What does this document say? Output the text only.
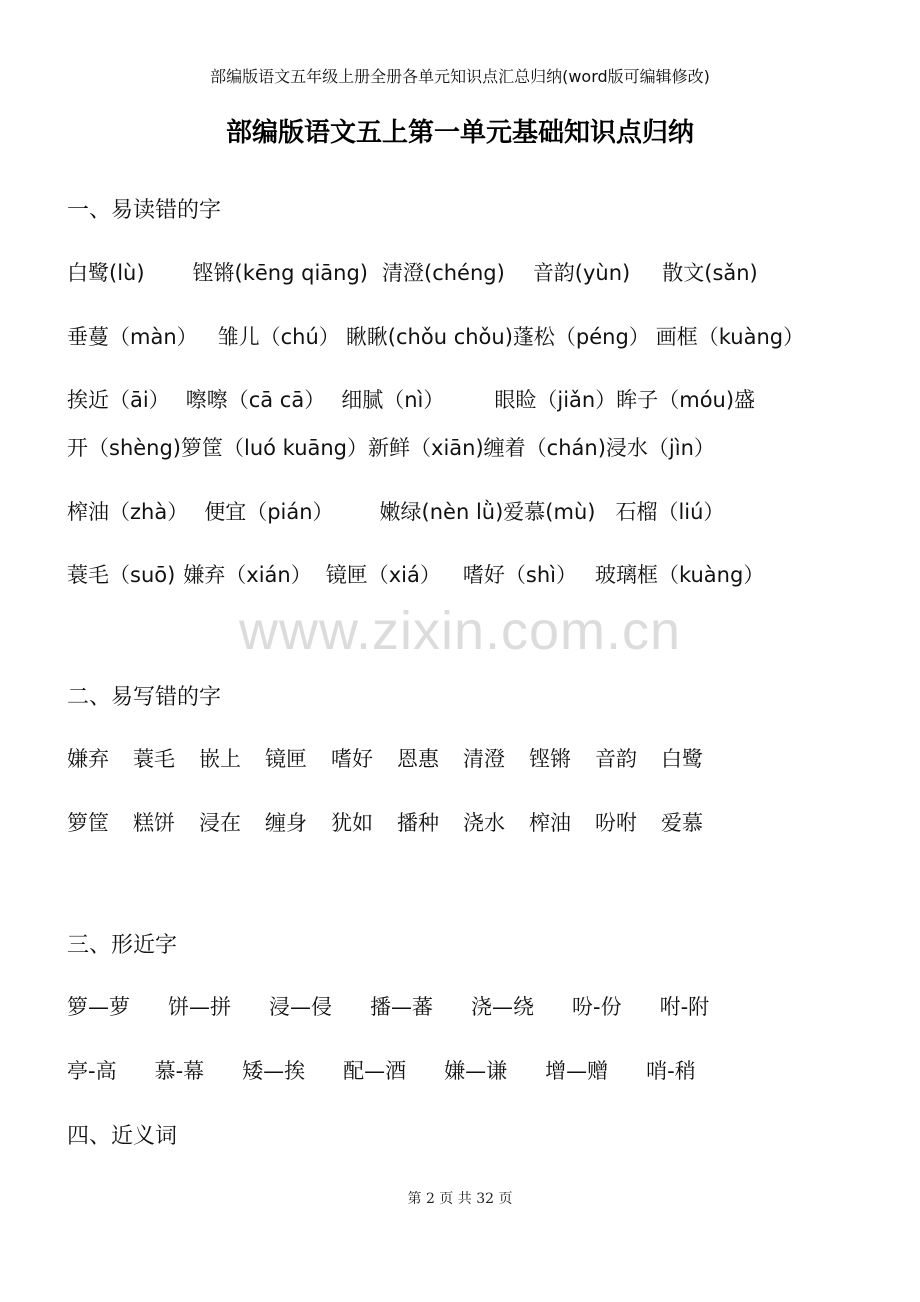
部编版语文五年级上册全册各单元知识点汇总归纳(word版可编辑修改)
部编版语文五上第一单元基础知识点归纳
一、易读错的字
白鹭(lù) 铿锵(kēng qiāng) 清澄(chéng) 音韵(yùn) 散文(sǎn)
垂蔓（màn） 雏儿（chú） 瞅瞅(chǒu chǒu)蓬松（péng） 画框（kuàng）
挨近（āi） 嚓嚓（cā cā） 细腻（nì） 眼睑（jiǎn）眸子（móu)盛
开（shèng)箩筐（luó kuāng）新鲜（xiān)缠着（chán)浸水（jìn）
榨油（zhà） 便宜（pián） 嫩绿(nèn lǜ)爱慕(mù) 石榴（liú）
蓑毛（suō) 嫌弃（xián） 镜匣（xiá） 嗜好（shì） 玻璃框（kuàng）
www.zixin.com.cn
二、易写错的字
嫌弃 蓑毛 嵌上 镜匣 嗜好 恩惠 清澄 铿锵 音韵 白鹭
箩筐 糕饼 浸在 缠身 犹如 播种 浇水 榨油 吩咐 爱慕
三、形近字
箩—萝 饼—拼 浸—侵 播—蕃 浇—绕 吩-份 咐-附
亭-高 慕-幕 矮—挨 配—酒 嫌—谦 增—赠 哨-稍
四、近义词
第 2 页 共 32 页
